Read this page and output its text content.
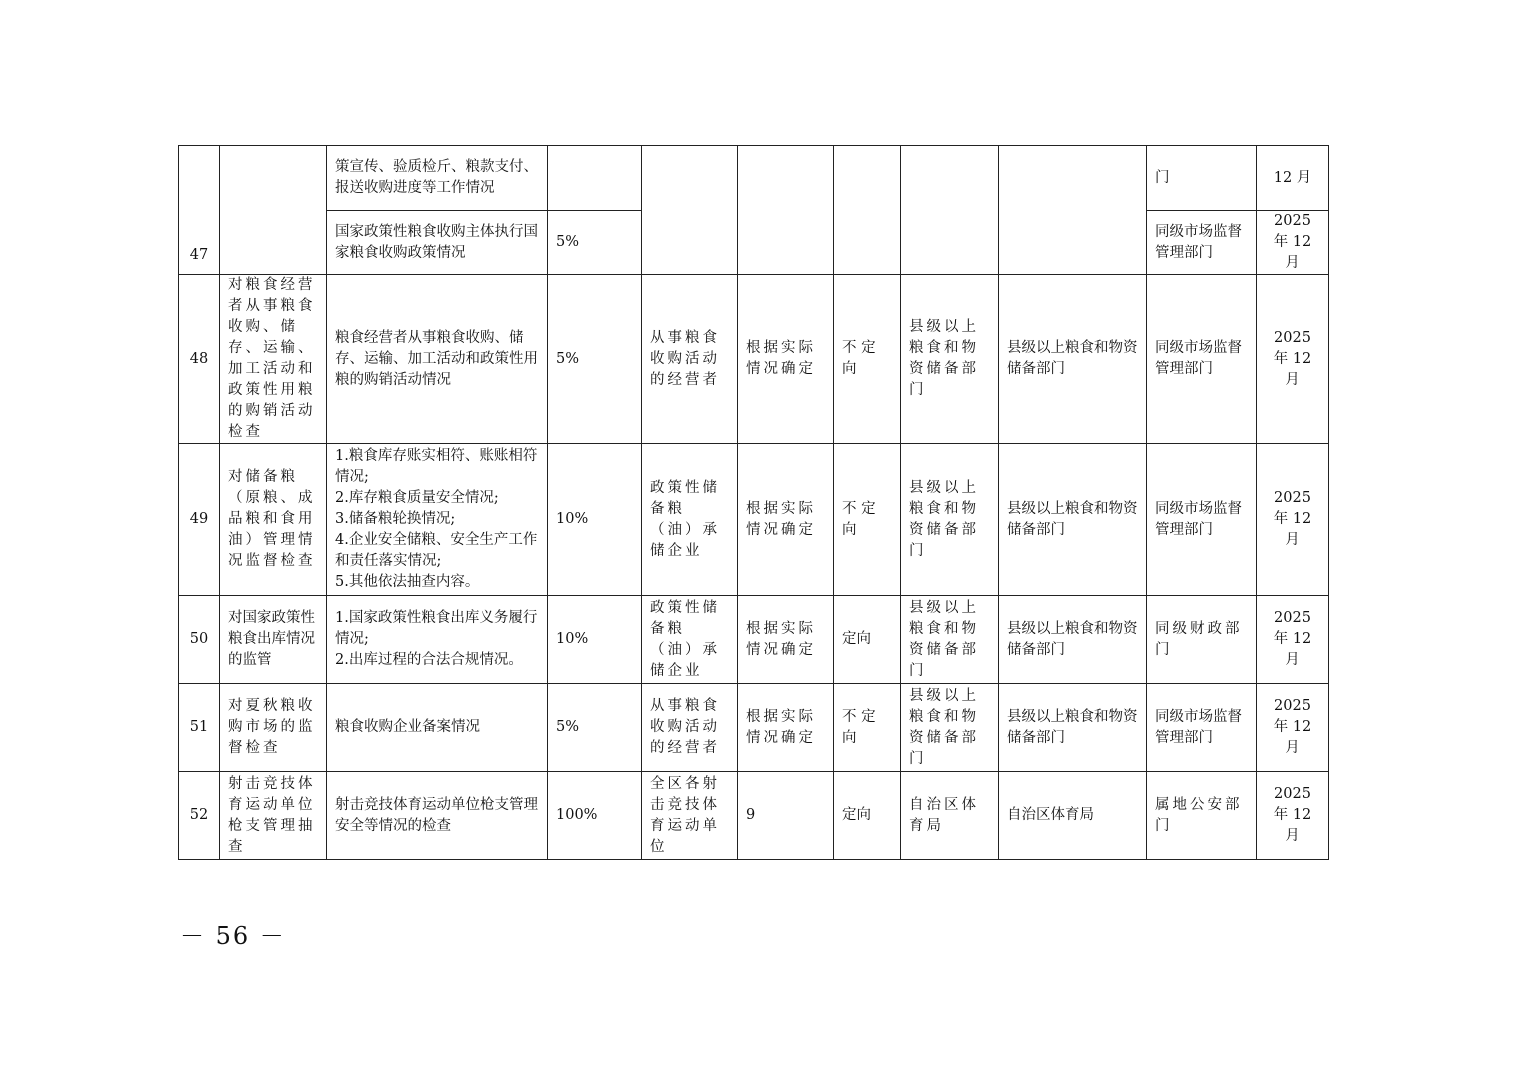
47		策宣传、验质检斤、粮款支付、报送收购进度等工作情况							门	12 月
		国家政策性粮食收购主体执行国家粮食收购政策情况	5%						同级市场监督管理部门	2025 年 12 月
48	对粮食经营者从事粮食收购、储存、运输、加工活动和政策性用粮的购销活动检查	粮食经营者从事粮食收购、储存、运输、加工活动和政策性用粮的购销活动情况	5%	从事粮食收购活动的经营者	根据实际情况确定	不 定 向	县级以上粮食和物资储备部门	县级以上粮食和物资储备部门	同级市场监督管理部门	2025 年 12 月
49	对储备粮（原粮、成品粮和食用油）管理情况监督检查	1.粮食库存账实相符、账账相符情况;
2.库存粮食质量安全情况;
3.储备粮轮换情况;
4.企业安全储粮、安全生产工作和责任落实情况;
5.其他依法抽查内容。	10%	政策性储备粮（油）承储企业	根据实际情况确定	不 定 向	县级以上粮食和物资储备部门	县级以上粮食和物资储备部门	同级市场监督管理部门	2025 年 12 月
50	对国家政策性粮食出库情况的监管	1.国家政策性粮食出库义务履行情况;
2.出库过程的合法合规情况。	10%	政策性储备粮（油）承储企业	根据实际情况确定	定向	县级以上粮食和物资储备部门	县级以上粮食和物资储备部门	同级财政部门	2025 年 12 月
51	对夏秋粮收购市场的监督检查	粮食收购企业备案情况	5%	从事粮食收购活动的经营者	根据实际情况确定	不 定 向	县级以上粮食和物资储备部门	县级以上粮食和物资储备部门	同级市场监督管理部门	2025 年 12 月
52	射击竞技体育运动单位枪支管理抽查	射击竞技体育运动单位枪支管理安全等情况的检查	100%	全区各射击竞技体育运动单位	9	定向	自治区体育局	自治区体育局	属地公安部门	2025 年 12 月
－ 56 －
